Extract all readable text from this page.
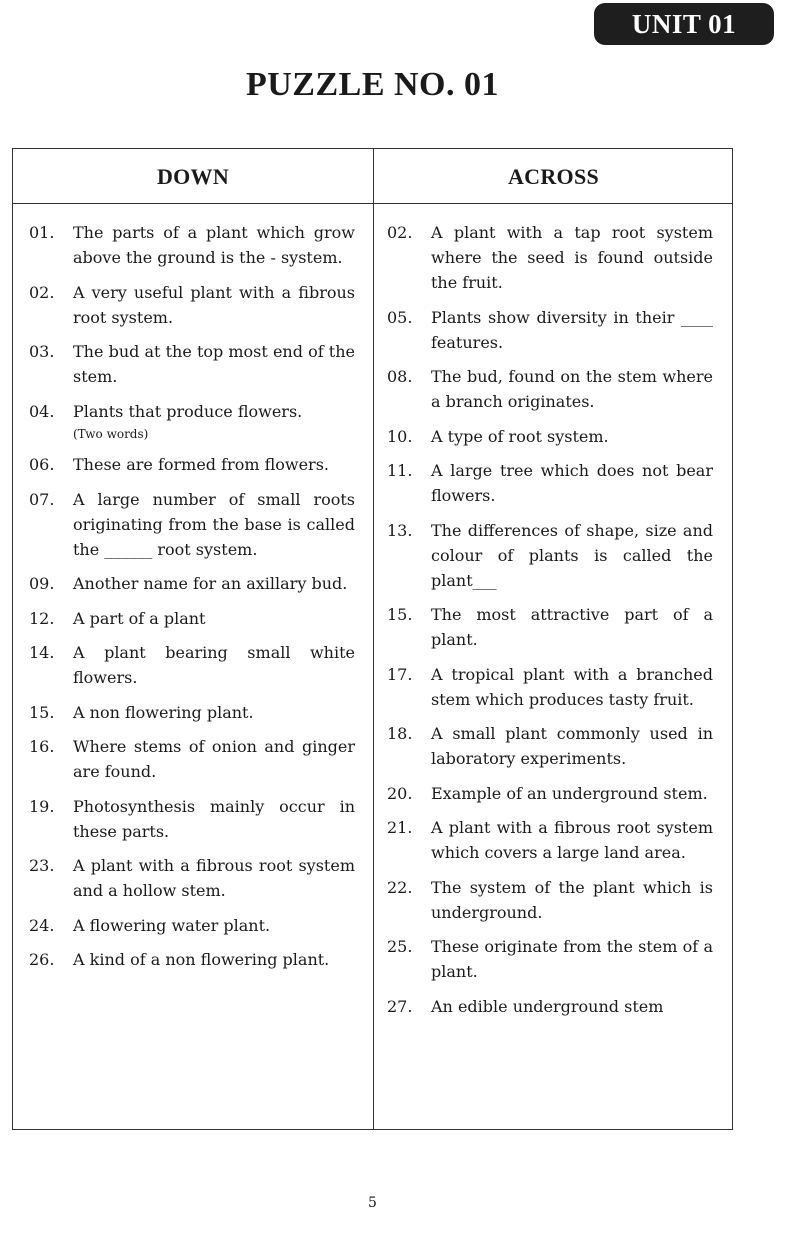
UNIT 01
PUZZLE NO. 01
DOWN	ACROSS
01.	The parts of a plant which grow above the ground is the - system.
02.	A very useful plant with a fibrous root system.
03.	The bud at the top most end of the stem.
04.	Plants that produce flowers.
(Two words)
06.	These are formed from flowers.
07.	A large number of small roots originating from the base is called the ______ root system.
09.	Another name for an axillary bud.
12.	A part of a plant
14.	A plant bearing small white flowers.
15.	A non flowering plant.
16.	Where stems of onion and ginger are found.
19.	Photosynthesis mainly occur in these parts.
23.	A plant with a fibrous root system and a hollow stem.
24.	A flowering water plant.
26.	A kind of a non flowering plant.
02.	A plant with a tap root system where the seed is found outside the fruit.
05.	Plants show diversity in their ____ features.
08.	The bud, found on the stem where a branch originates.
10.	A type of root system.
11.	A large tree which does not bear flowers.
13.	The differences of shape, size and colour of plants is called the plant___
15.	The most attractive part of a plant.
17.	A tropical plant with a branched stem which produces tasty fruit.
18.	A small plant commonly used in laboratory experiments.
20.	Example of an underground stem.
21.	A plant with a fibrous root system which covers a large land area.
22.	The system of the plant which is underground.
25.	These originate from the stem of a plant.
27.	An edible underground stem
5
